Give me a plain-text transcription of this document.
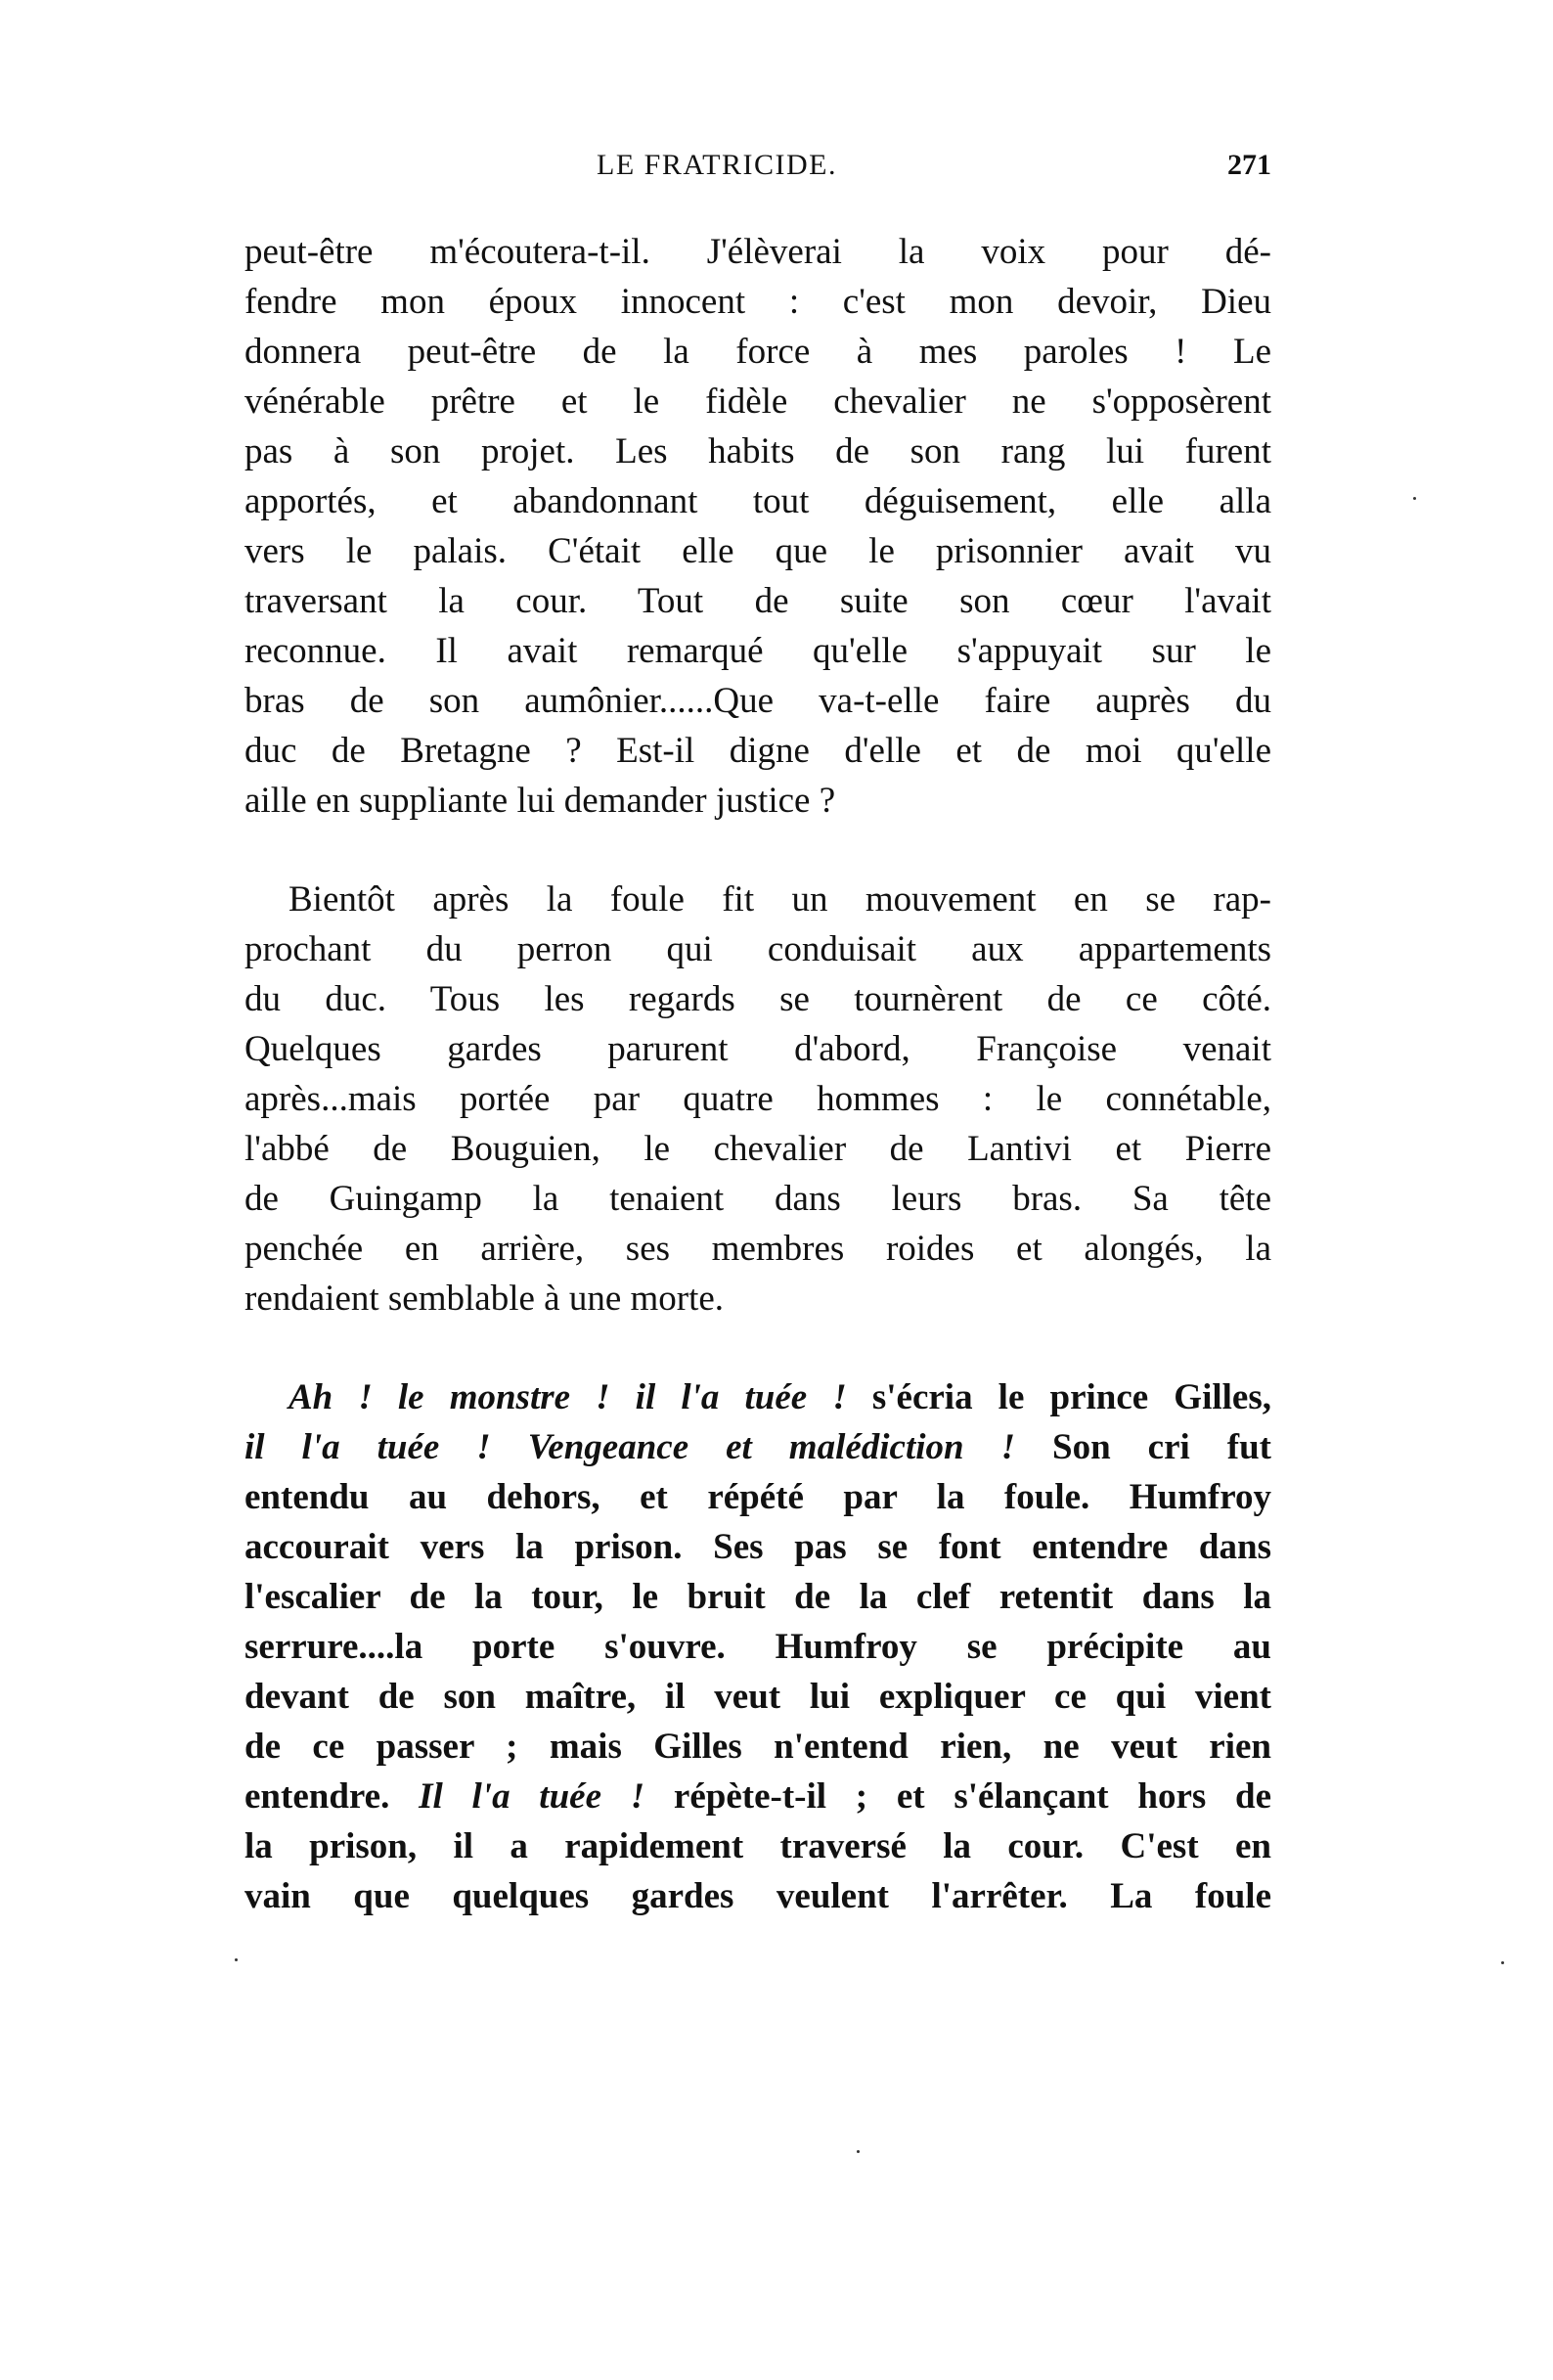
LE FRATRICIDE.	271

peut-être m'écoutera-t-il. J'élèverai la voix pour dé-
fendre mon époux innocent : c'est mon devoir, Dieu
donnera peut-être de la force à mes paroles ! Le
vénérable prêtre et le fidèle chevalier ne s'opposèrent
pas à son projet. Les habits de son rang lui furent
apportés, et abandonnant tout déguisement, elle alla
vers le palais. C'était elle que le prisonnier avait vu
traversant la cour. Tout de suite son cœur l'avait
reconnue. Il avait remarqué qu'elle s'appuyait sur le
bras de son aumônier......Que va-t-elle faire auprès du
duc de Bretagne ? Est-il digne d'elle et de moi qu'elle
aille en suppliante lui demander justice ?

Bientôt après la foule fit un mouvement en se rap-
prochant du perron qui conduisait aux appartements
du duc. Tous les regards se tournèrent de ce côté.
Quelques gardes parurent d'abord, Françoise venait
après...mais portée par quatre hommes : le connétable,
l'abbé de Bouguien, le chevalier de Lantivi et Pierre
de Guingamp la tenaient dans leurs bras. Sa tête
penchée en arrière, ses membres roides et alongés, la
rendaient semblable à une morte.

Ah ! le monstre ! il l'a tuée ! s'écria le prince Gilles,
il l'a tuée ! Vengeance et malédiction ! Son cri fut
entendu au dehors, et répété par la foule. Humfroy
accourait vers la prison. Ses pas se font entendre dans
l'escalier de la tour, le bruit de la clef retentit dans la
serrure....la porte s'ouvre. Humfroy se précipite au
devant de son maître, il veut lui expliquer ce qui vient
de ce passer ; mais Gilles n'entend rien, ne veut rien
entendre. Il l'a tuée ! répète-t-il ; et s'élançant hors de
la prison, il a rapidement traversé la cour. C'est en
vain que quelques gardes veulent l'arrêter. La foule
